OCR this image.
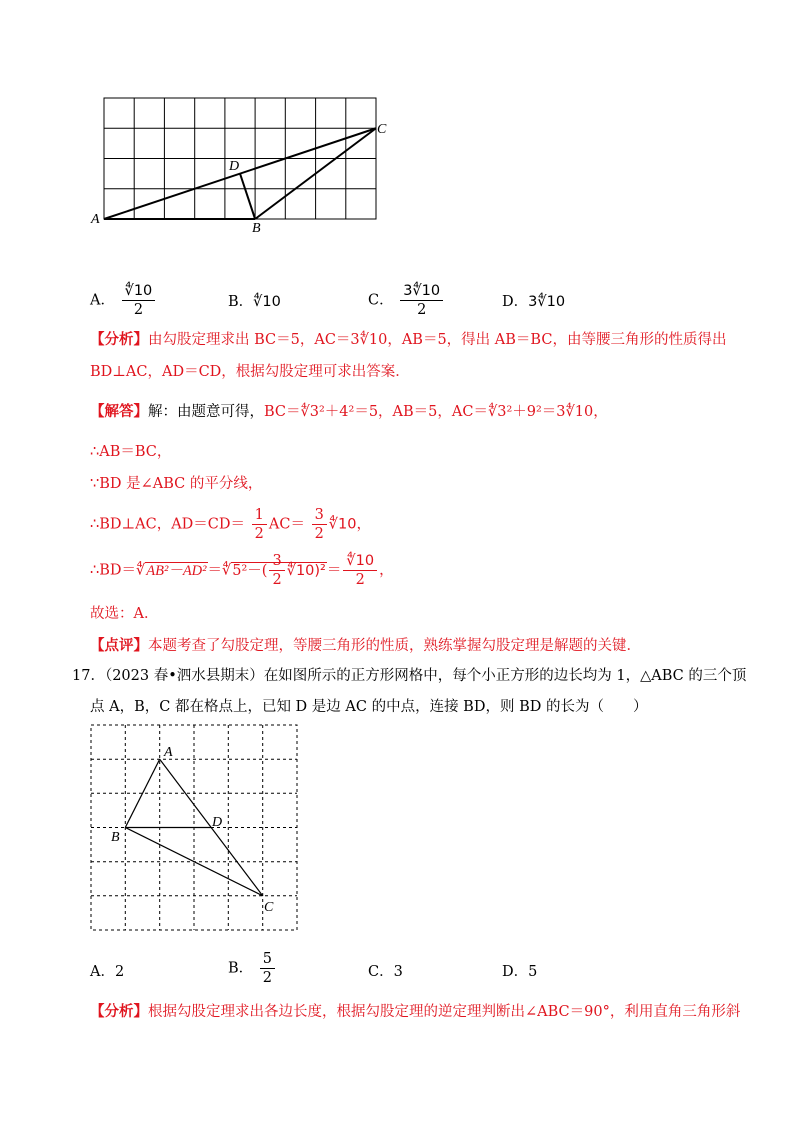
A
B
C
D
A． $\frac{∜10}{2}$	B．∜10	C． $\frac{3∜10}{2}$	D．3∜10
【分析】由勾股定理求出 BC＝5，AC＝3∜10，AB＝5，得出 AB＝BC，由等腰三角形的性质得出
BD⊥AC，AD＝CD，根据勾股定理可求出答案．
【解答】解：由题意可得，BC＝∜3²＋4²＝5，AB＝5，AC＝∜3²＋9²＝3∜10，
∴AB＝BC，
∵BD 是∠ABC 的平分线，
∴BD⊥AC，$AD=CD= \frac{1}{2} AC= \frac{3}{2}$ ∜10，
∴BD＝∜AB²－AD²＝∜5²－( $\frac{3}{2}$ ∜10)²＝ $\frac{∜10}{2}$ ，
故选：A．
【点评】本题考查了勾股定理，等腰三角形的性质，熟练掌握勾股定理是解题的关键．
17．（2023 春•泗水县期末）在如图所示的正方形网格中，每个小正方形的边长均为 1，△ABC 的三个顶
点 A，B，C 都在格点上，已知 D 是边 AC 的中点，连接 BD，则 BD 的长为（　　）
A
B
C
D
A．2	B． $\frac{5}{2}$	C．3	D．5
【分析】根据勾股定理求出各边长度，根据勾股定理的逆定理判断出∠ABC＝90°，利用直角三角形斜
